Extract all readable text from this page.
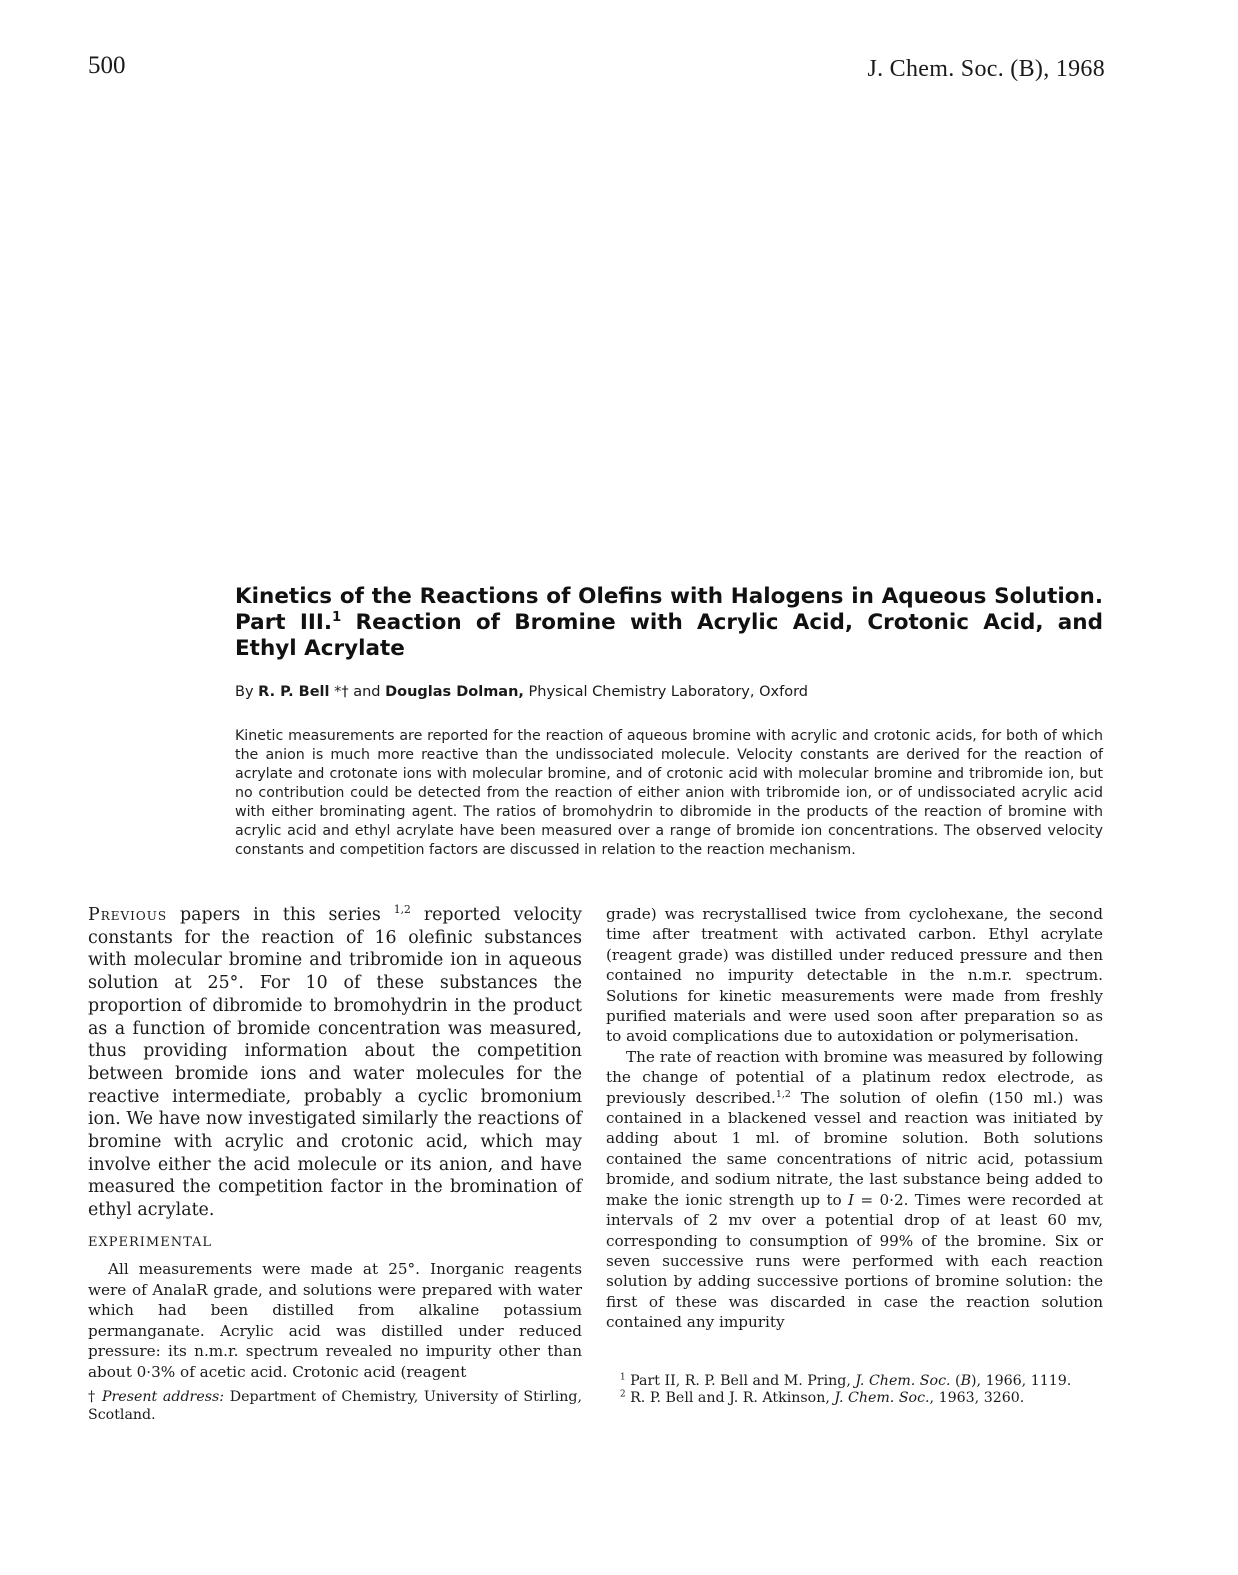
500	J. Chem. Soc. (B), 1968
Kinetics of the Reactions of Olefins with Halogens in Aqueous Solution. Part III.$^1$ Reaction of Bromine with Acrylic Acid, Crotonic Acid, and Ethyl Acrylate
By R. P. Bell *† and Douglas Dolman, Physical Chemistry Laboratory, Oxford

Kinetic measurements are reported for the reaction of aqueous bromine with acrylic and crotonic acids, for both of which the anion is much more reactive than the undissociated molecule. Velocity constants are derived for the reaction of acrylate and crotonate ions with molecular bromine, and of crotonic acid with molecular bromine and tribromide ion, but no contribution could be detected from the reaction of either anion with tribromide ion, or of undissociated acrylic acid with either brominating agent. The ratios of bromohydrin to dibromide in the products of the reaction of bromine with acrylic acid and ethyl acrylate have been measured over a range of bromide ion concentrations. The observed velocity constants and competition factors are discussed in relation to the reaction mechanism.

Previous papers in this series $^{1,2}$ reported velocity constants for the reaction of 16 olefinic substances with molecular bromine and tribromide ion in aqueous solution at 25°. For 10 of these substances the proportion of dibromide to bromohydrin in the product as a function of bromide concentration was measured, thus providing information about the competition between bromide ions and water molecules for the reactive intermediate, probably a cyclic bromonium ion. We have now investigated similarly the reactions of bromine with acrylic and crotonic acid, which may involve either the acid molecule or its anion, and have measured the competition factor in the bromination of ethyl acrylate.

EXPERIMENTAL

All measurements were made at 25°. Inorganic reagents were of AnalaR grade, and solutions were prepared with water which had been distilled from alkaline potassium permanganate. Acrylic acid was distilled under reduced pressure: its n.m.r. spectrum revealed no impurity other than about 0·3% of acetic acid. Crotonic acid (reagent

† Present address: Department of Chemistry, University of Stirling, Scotland.

grade) was recrystallised twice from cyclohexane, the second time after treatment with activated carbon. Ethyl acrylate (reagent grade) was distilled under reduced pressure and then contained no impurity detectable in the n.m.r. spectrum. Solutions for kinetic measurements were made from freshly purified materials and were used soon after preparation so as to avoid complications due to autoxidation or polymerisation.

The rate of reaction with bromine was measured by following the change of potential of a platinum redox electrode, as previously described.$^{1,2}$ The solution of olefin (150 ml.) was contained in a blackened vessel and reaction was initiated by adding about 1 ml. of bromine solution. Both solutions contained the same concentrations of nitric acid, potassium bromide, and sodium nitrate, the last substance being added to make the ionic strength up to I = 0·2. Times were recorded at intervals of 2 mv over a potential drop of at least 60 mv, corresponding to consumption of 99% of the bromine. Six or seven successive runs were performed with each reaction solution by adding successive portions of bromine solution: the first of these was discarded in case the reaction solution contained any impurity

$^1$ Part II, R. P. Bell and M. Pring, J. Chem. Soc. (B), 1966, 1119.

$^2$ R. P. Bell and J. R. Atkinson, J. Chem. Soc., 1963, 3260.
